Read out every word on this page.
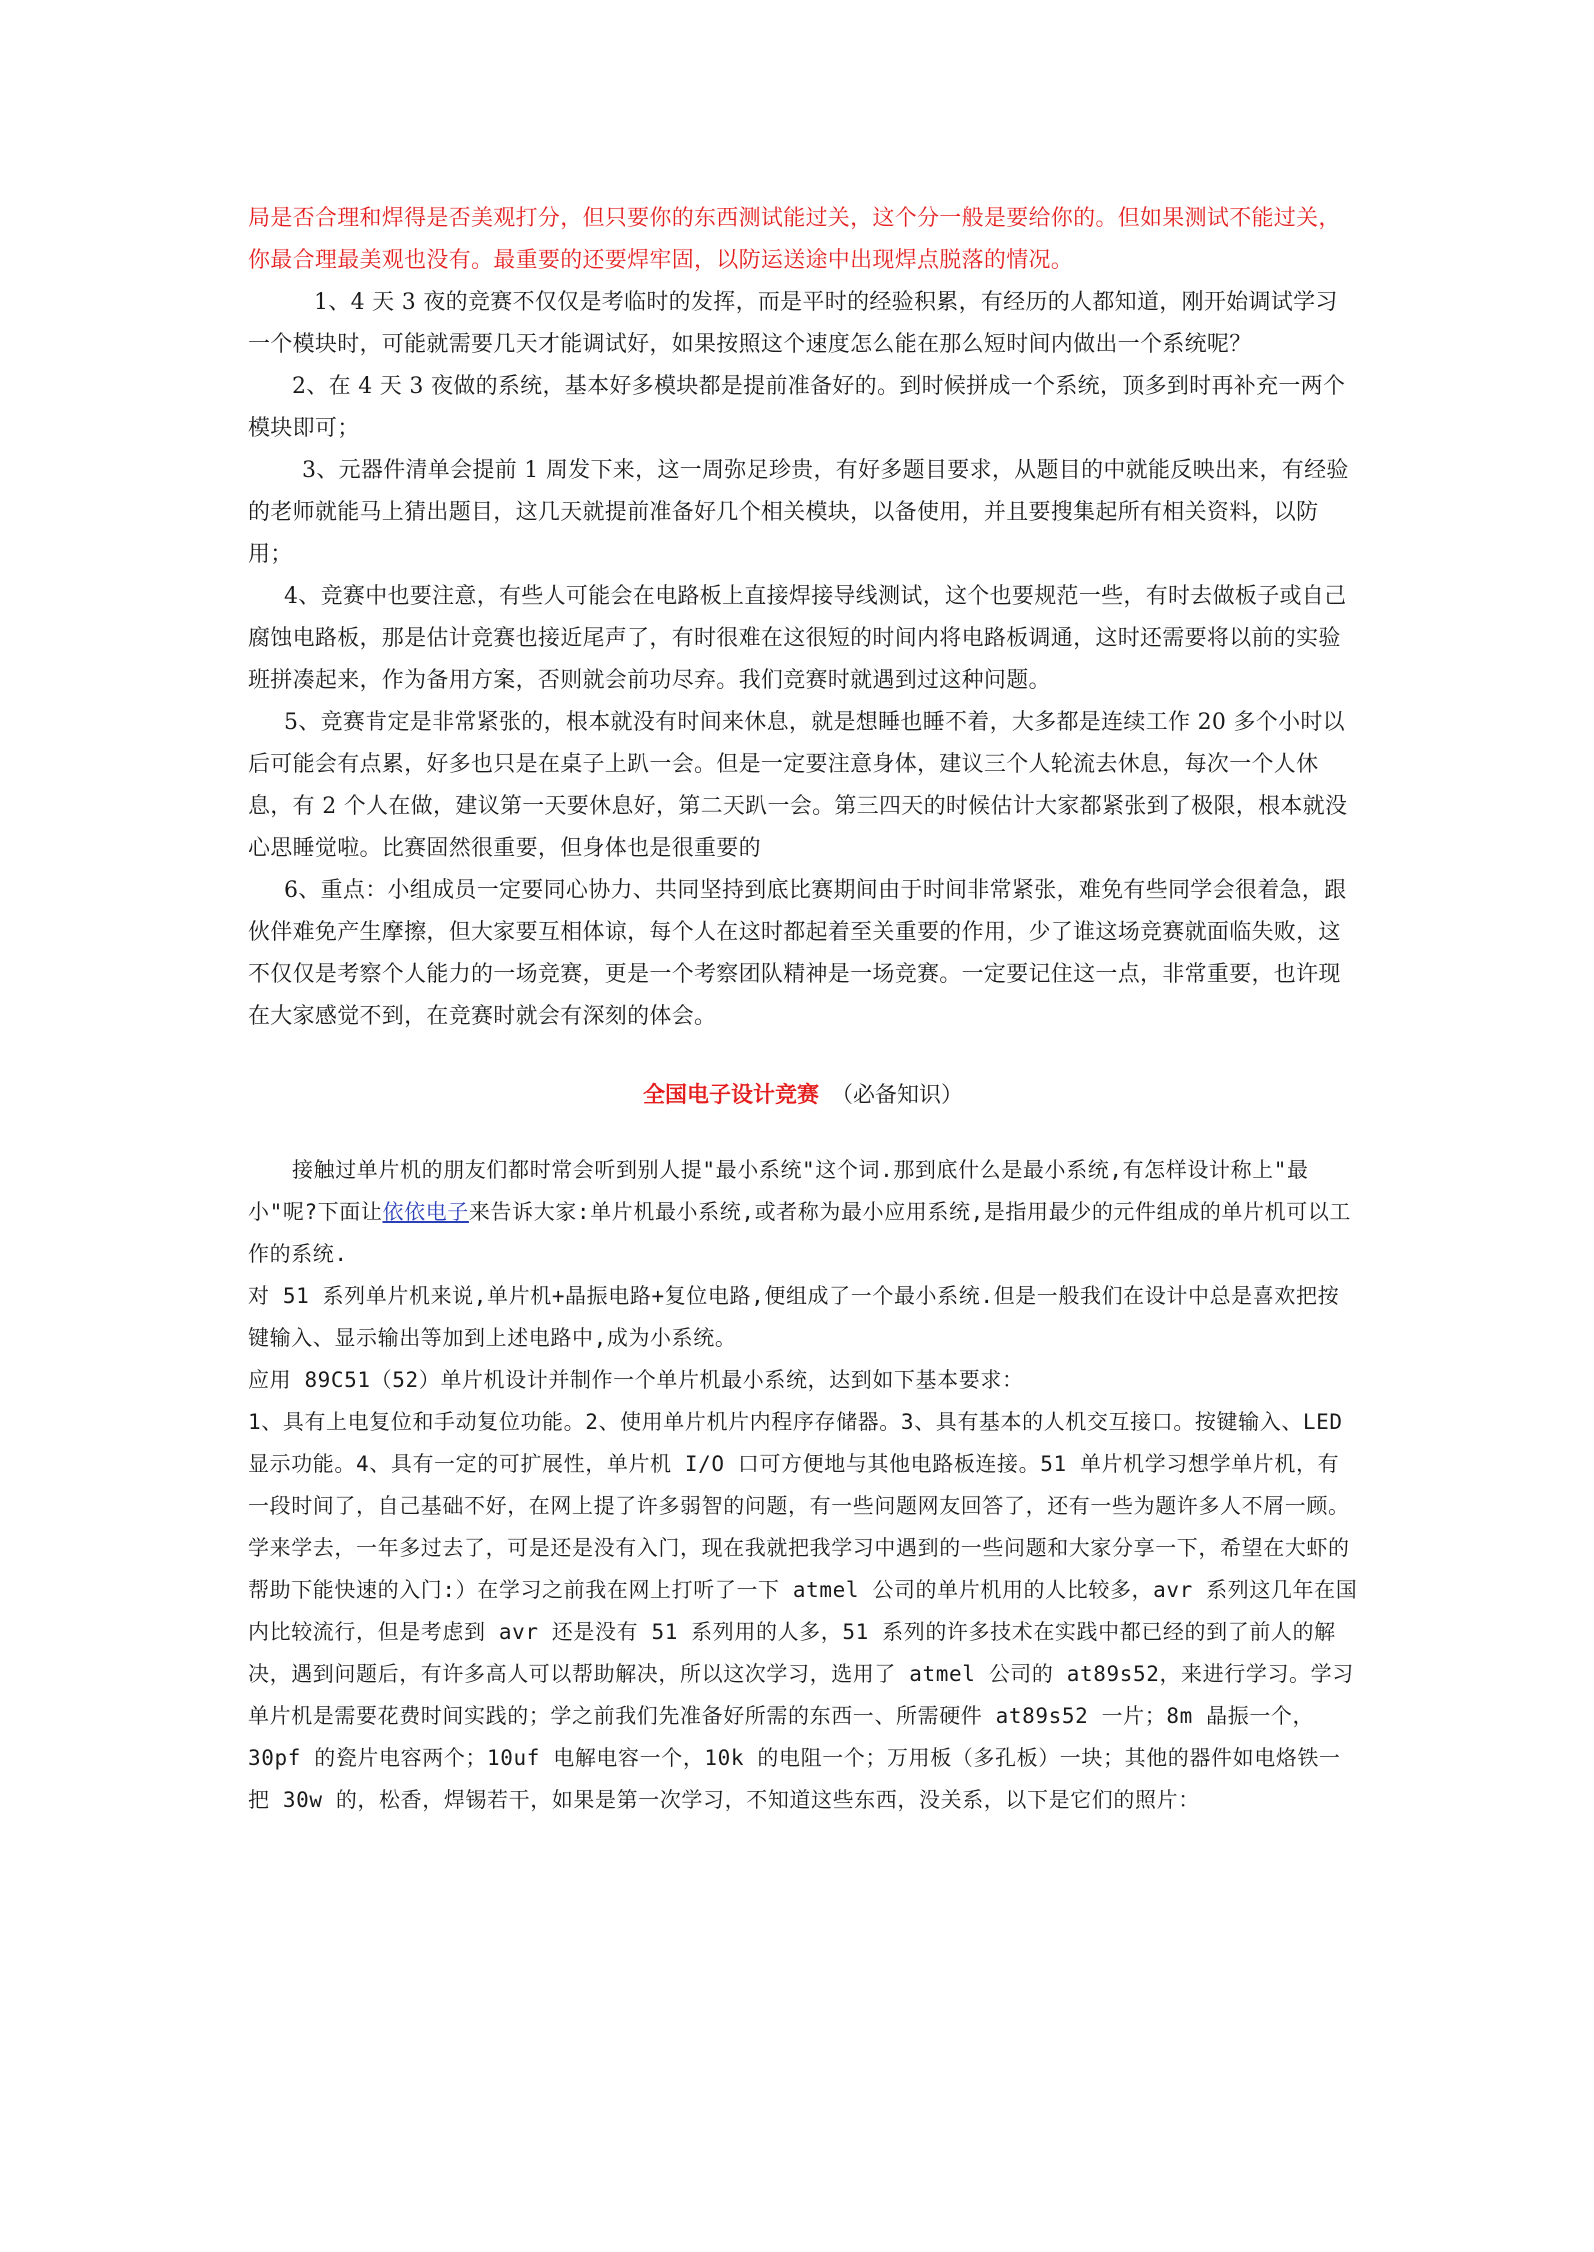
局是否合理和焊得是否美观打分，但只要你的东西测试能过关，这个分一般是要给你的。但如果测试不能过关，你最合理最美观也没有。最重要的还要焊牢固，以防运送途中出现焊点脱落的情况。

1、4 天 3 夜的竞赛不仅仅是考临时的发挥，而是平时的经验积累，有经历的人都知道，刚开始调试学习一个模块时，可能就需要几天才能调试好，如果按照这个速度怎么能在那么短时间内做出一个系统呢？

2、在 4 天 3 夜做的系统，基本好多模块都是提前准备好的。到时候拼成一个系统，顶多到时再补充一两个模块即可；

3、元器件清单会提前 1 周发下来，这一周弥足珍贵，有好多题目要求，从题目的中就能反映出来，有经验的老师就能马上猜出题目，这几天就提前准备好几个相关模块，以备使用，并且要搜集起所有相关资料，以防用；

4、竞赛中也要注意，有些人可能会在电路板上直接焊接导线测试，这个也要规范一些，有时去做板子或自己腐蚀电路板，那是估计竞赛也接近尾声了，有时很难在这很短的时间内将电路板调通，这时还需要将以前的实验班拼凑起来，作为备用方案，否则就会前功尽弃。我们竞赛时就遇到过这种问题。

5、竞赛肯定是非常紧张的，根本就没有时间来休息，就是想睡也睡不着，大多都是连续工作 20 多个小时以后可能会有点累，好多也只是在桌子上趴一会。但是一定要注意身体，建议三个人轮流去休息，每次一个人休息，有 2 个人在做，建议第一天要休息好，第二天趴一会。第三四天的时候估计大家都紧张到了极限，根本就没心思睡觉啦。比赛固然很重要，但身体也是很重要的

6、重点：小组成员一定要同心协力、共同坚持到底比赛期间由于时间非常紧张，难免有些同学会很着急，跟伙伴难免产生摩擦，但大家要互相体谅，每个人在这时都起着至关重要的作用，少了谁这场竞赛就面临失败，这不仅仅是考察个人能力的一场竞赛，更是一个考察团队精神是一场竞赛。一定要记住这一点，非常重要，也许现在大家感觉不到，在竞赛时就会有深刻的体会。

全国电子设计竞赛 （必备知识）

接触过单片机的朋友们都时常会听到别人提"最小系统"这个词.那到底什么是最小系统,有怎样设计称上"最小"呢?下面让依依电子来告诉大家:单片机最小系统,或者称为最小应用系统,是指用最少的元件组成的单片机可以工作的系统.

对 51 系列单片机来说,单片机+晶振电路+复位电路,便组成了一个最小系统.但是一般我们在设计中总是喜欢把按键输入、显示输出等加到上述电路中,成为小系统。

应用 89C51（52）单片机设计并制作一个单片机最小系统，达到如下基本要求：

1、具有上电复位和手动复位功能。2、使用单片机片内程序存储器。3、具有基本的人机交互接口。按键输入、LED 显示功能。4、具有一定的可扩展性，单片机 I/O 口可方便地与其他电路板连接。51 单片机学习想学单片机，有一段时间了，自己基础不好，在网上提了许多弱智的问题，有一些问题网友回答了，还有一些为题许多人不屑一顾。学来学去，一年多过去了，可是还是没有入门，现在我就把我学习中遇到的一些问题和大家分享一下，希望在大虾的帮助下能快速的入门:）在学习之前我在网上打听了一下 atmel 公司的单片机用的人比较多，avr 系列这几年在国内比较流行，但是考虑到 avr 还是没有 51 系列用的人多，51 系列的许多技术在实践中都已经的到了前人的解决，遇到问题后，有许多高人可以帮助解决，所以这次学习，选用了 atmel 公司的 at89s52，来进行学习。学习单片机是需要花费时间实践的；学之前我们先准备好所需的东西一、所需硬件 at89s52 一片；8m 晶振一个，30pf 的瓷片电容两个；10uf 电解电容一个，10k 的电阻一个；万用板（多孔板）一块；其他的器件如电烙铁一把 30w 的，松香，焊锡若干，如果是第一次学习，不知道这些东西，没关系，以下是它们的照片：
